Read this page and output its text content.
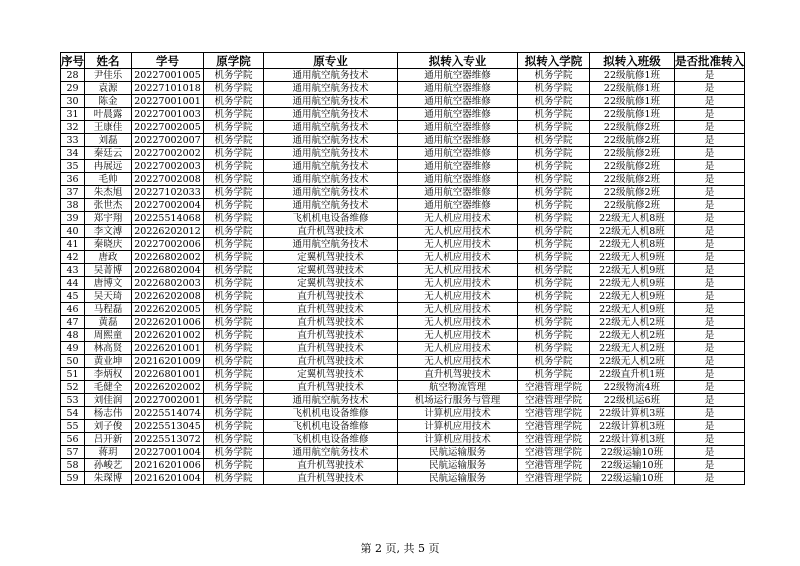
序号	姓名	学号	原学院	原专业	拟转入专业	拟转入学院	拟转入班级	是否批准转入
28	尹佳乐	20227001005	机务学院	通用航空航务技术	通用航空器维修	机务学院	22级航修1班	是
29	袁源	20227101018	机务学院	通用航空航务技术	通用航空器维修	机务学院	22级航修1班	是
30	陈金	20227001001	机务学院	通用航空航务技术	通用航空器维修	机务学院	22级航修1班	是
31	叶晨露	20227001003	机务学院	通用航空航务技术	通用航空器维修	机务学院	22级航修1班	是
32	王康佳	20227002005	机务学院	通用航空航务技术	通用航空器维修	机务学院	22级航修2班	是
33	刘磊	20227002007	机务学院	通用航空航务技术	通用航空器维修	机务学院	22级航修2班	是
34	秦廷云	20227002002	机务学院	通用航空航务技术	通用航空器维修	机务学院	22级航修2班	是
35	冉展远	20227002003	机务学院	通用航空航务技术	通用航空器维修	机务学院	22级航修2班	是
36	毛帅	20227002008	机务学院	通用航空航务技术	通用航空器维修	机务学院	22级航修2班	是
37	朱杰旭	20227102033	机务学院	通用航空航务技术	通用航空器维修	机务学院	22级航修2班	是
38	张世杰	20227002004	机务学院	通用航空航务技术	通用航空器维修	机务学院	22级航修2班	是
39	郑宇翔	20225514068	机务学院	飞机机电设备维修	无人机应用技术	机务学院	22级无人机8班	是
40	李文溥	20226202012	机务学院	直升机驾驶技术	无人机应用技术	机务学院	22级无人机8班	是
41	秦晓庆	20227002006	机务学院	通用航空航务技术	无人机应用技术	机务学院	22级无人机8班	是
42	唐政	20226802002	机务学院	定翼机驾驶技术	无人机应用技术	机务学院	22级无人机9班	是
43	吴菁博	20226802004	机务学院	定翼机驾驶技术	无人机应用技术	机务学院	22级无人机9班	是
44	唐博文	20226802003	机务学院	定翼机驾驶技术	无人机应用技术	机务学院	22级无人机9班	是
45	吴天琦	20226202008	机务学院	直升机驾驶技术	无人机应用技术	机务学院	22级无人机9班	是
46	马程磊	20226202005	机务学院	直升机驾驶技术	无人机应用技术	机务学院	22级无人机9班	是
47	黄磊	20226201006	机务学院	直升机驾驶技术	无人机应用技术	机务学院	22级无人机2班	是
48	周熙童	20226201002	机务学院	直升机驾驶技术	无人机应用技术	机务学院	22级无人机2班	是
49	林高贤	20226201001	机务学院	直升机驾驶技术	无人机应用技术	机务学院	22级无人机2班	是
50	黄业坤	20216201009	机务学院	直升机驾驶技术	无人机应用技术	机务学院	22级无人机2班	是
51	李炳权	20226801001	机务学院	定翼机驾驶技术	直升机驾驶技术	机务学院	22级直升机1班	是
52	毛健全	20226202002	机务学院	直升机驾驶技术	航空物流管理	空港管理学院	22级物流4班	是
53	刘佳润	20227002001	机务学院	通用航空航务技术	机场运行服务与管理	空港管理学院	22级机运6班	是
54	杨志伟	20225514074	机务学院	飞机机电设备维修	计算机应用技术	空港管理学院	22级计算机3班	是
55	刘子俊	20225513045	机务学院	飞机机电设备维修	计算机应用技术	空港管理学院	22级计算机3班	是
56	吕开新	20225513072	机务学院	飞机机电设备维修	计算机应用技术	空港管理学院	22级计算机3班	是
57	蒋玥	20227001004	机务学院	通用航空航务技术	民航运输服务	空港管理学院	22级运输10班	是
58	孙峻艺	20216201006	机务学院	直升机驾驶技术	民航运输服务	空港管理学院	22级运输10班	是
59	朱琛博	20216201004	机务学院	直升机驾驶技术	民航运输服务	空港管理学院	22级运输10班	是
第 2 页, 共 5 页
